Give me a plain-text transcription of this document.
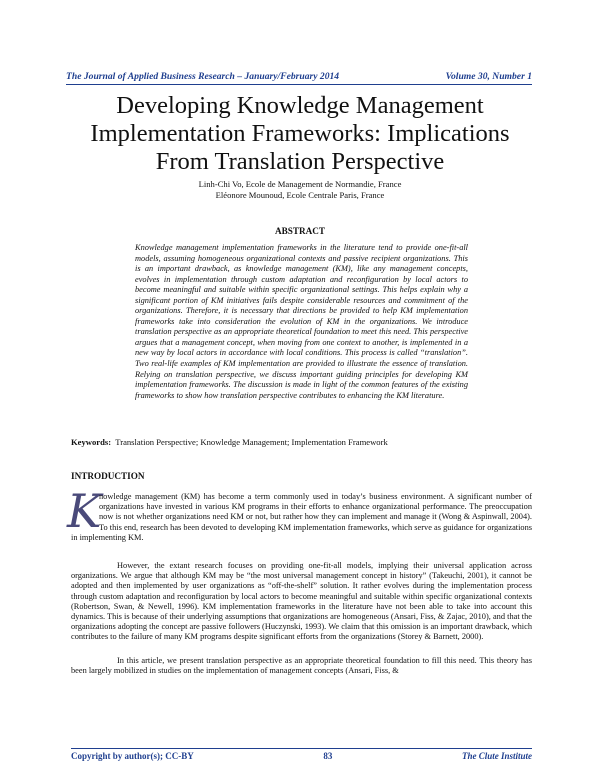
The Journal of Applied Business Research – January/February 2014	Volume 30, Number 1
Developing Knowledge Management
Implementation Frameworks: Implications
From Translation Perspective
Linh-Chi Vo, Ecole de Management de Normandie, France
Eléonore Mounoud, Ecole Centrale Paris, France
ABSTRACT

Knowledge management implementation frameworks in the literature tend to provide one-fit-all models, assuming homogeneous organizational contexts and passive recipient organizations. This is an important drawback, as knowledge management (KM), like any management concepts, evolves in implementation through custom adaptation and reconfiguration by local actors to become meaningful and suitable within specific organizational settings. This helps explain why a significant portion of KM initiatives fails despite considerable resources and commitment of the organizations. Therefore, it is necessary that directions be provided to help KM implementation frameworks take into consideration the evolution of KM in the organizations. We introduce translation perspective as an appropriate theoretical foundation to meet this need. This perspective argues that a management concept, when moving from one context to another, is implemented in a new way by local actors in accordance with local conditions. This process is called “translation”. Two real-life examples of KM implementation are provided to illustrate the essence of translation. Relying on translation perspective, we discuss important guiding principles for developing KM implementation frameworks. The discussion is made in light of the common features of the existing frameworks to show how translation perspective contributes to enhancing the KM literature.

Keywords: Translation Perspective; Knowledge Management; Implementation Framework
INTRODUCTION

K
nowledge management (KM) has become a term commonly used in today’s business environment. A significant number of organizations have invested in various KM programs in their efforts to enhance organizational performance. The preoccupation now is not whether organizations need KM or not, but rather how they can implement and manage it (Wong & Aspinwall, 2004). To this end, research has been devoted to developing KM implementation frameworks, which serve as guidance for organizations in implementing KM.

However, the extant research focuses on providing one-fit-all models, implying their universal application across organizations. We argue that although KM may be “the most universal management concept in history” (Takeuchi, 2001), it cannot be adopted and then implemented by user organizations as “off-the-shelf” solution. It rather evolves during the implementation process through custom adaptation and reconfiguration by local actors to become meaningful and suitable within specific organizational contexts (Robertson, Swan, & Newell, 1996). KM implementation frameworks in the literature have not been able to take into account this dynamics. This is because of their underlying assumptions that organizations are homogeneous (Ansari, Fiss, & Zajac, 2010), and that the organizations adopting the concept are passive followers (Huczynski, 1993). We claim that this omission is an important drawback, which contributes to the failure of many KM programs despite significant efforts from the organizations (Storey & Barnett, 2000).

In this article, we present translation perspective as an appropriate theoretical foundation to fill this need. This theory has been largely mobilized in studies on the implementation of management concepts (Ansari, Fiss, &

Copyright by author(s); CC-BY	83	The Clute Institute
